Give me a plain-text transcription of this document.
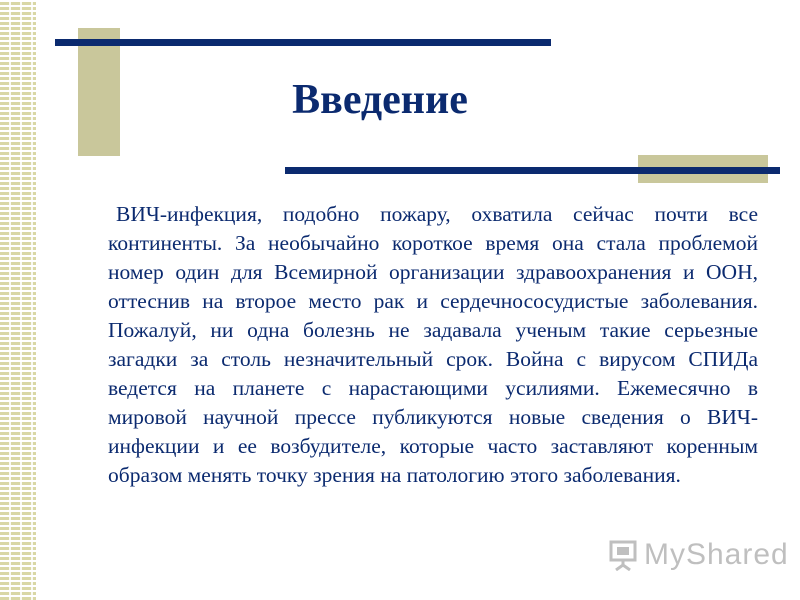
Введение

ВИЧ-инфекция, подобно пожару, охватила сейчас почти все континенты. За необычайно короткое время она стала проблемой номер один для Всемирной организации здравоохранения и ООН, оттеснив на второе место рак и сердечнососудистые заболевания. Пожалуй, ни одна болезнь не задавала ученым такие серьезные загадки за столь незначительный срок. Война с вирусом СПИДа ведется на планете с нарастающими усилиями. Ежемесячно в мировой научной прессе публикуются новые сведения о ВИЧ-инфекции и ее возбудителе, которые часто заставляют коренным образом менять точку зрения на патологию этого заболевания.

MyShared
